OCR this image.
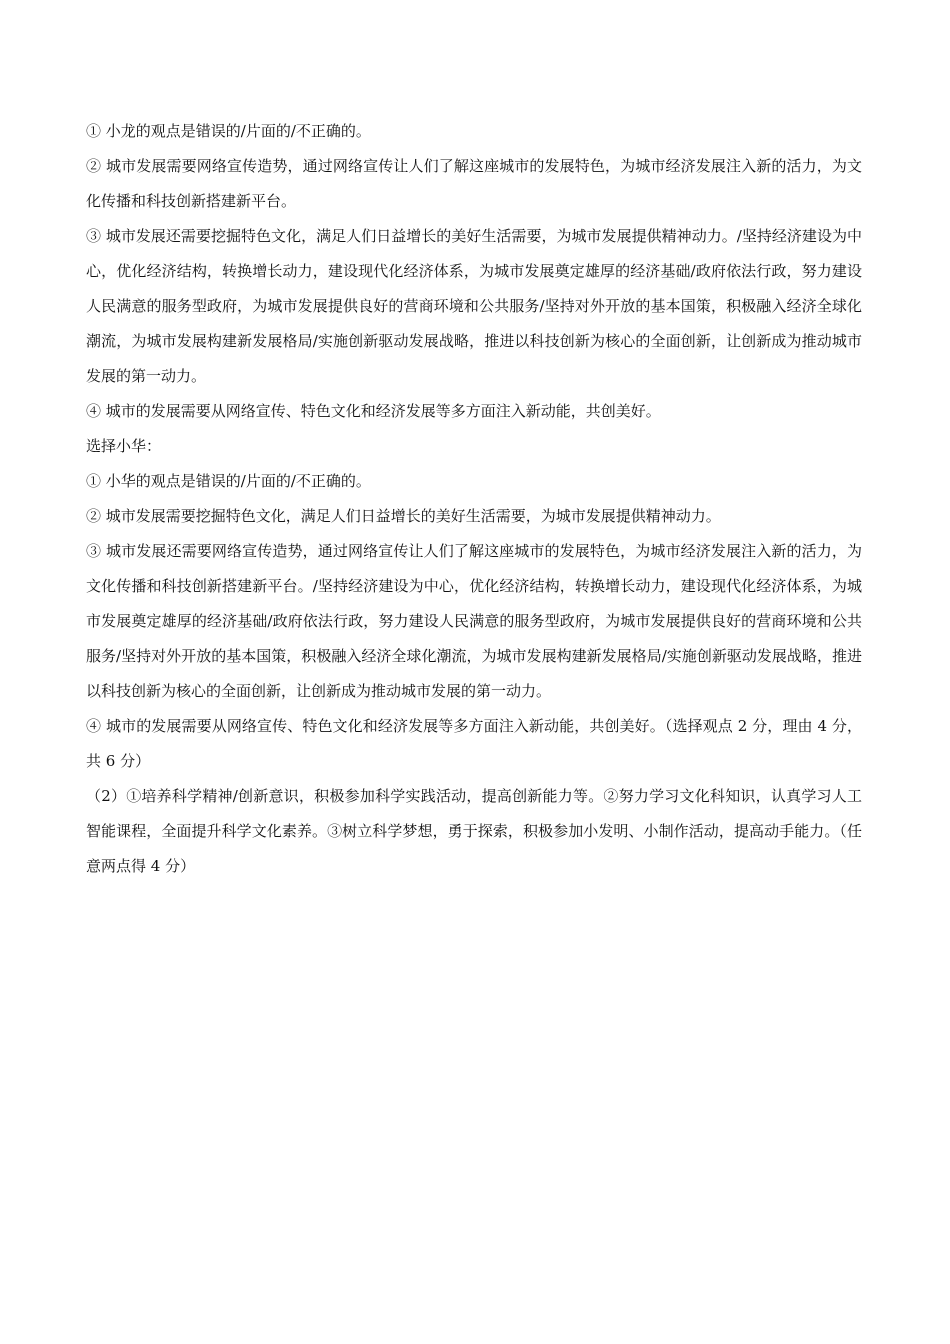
① 小龙的观点是错误的/片面的/不正确的。

② 城市发展需要网络宣传造势，通过网络宣传让人们了解这座城市的发展特色，为城市经济发展注入新的活力，为文化传播和科技创新搭建新平台。

③ 城市发展还需要挖掘特色文化，满足人们日益增长的美好生活需要，为城市发展提供精神动力。/坚持经济建设为中心，优化经济结构，转换增长动力，建设现代化经济体系，为城市发展奠定雄厚的经济基础/政府依法行政，努力建设人民满意的服务型政府，为城市发展提供良好的营商环境和公共服务/坚持对外开放的基本国策，积极融入经济全球化潮流，为城市发展构建新发展格局/实施创新驱动发展战略，推进以科技创新为核心的全面创新，让创新成为推动城市发展的第一动力。

④ 城市的发展需要从网络宣传、特色文化和经济发展等多方面注入新动能，共创美好。

选择小华：

① 小华的观点是错误的/片面的/不正确的。

② 城市发展需要挖掘特色文化，满足人们日益增长的美好生活需要，为城市发展提供精神动力。

③ 城市发展还需要网络宣传造势，通过网络宣传让人们了解这座城市的发展特色，为城市经济发展注入新的活力，为文化传播和科技创新搭建新平台。/坚持经济建设为中心，优化经济结构，转换增长动力，建设现代化经济体系，为城市发展奠定雄厚的经济基础/政府依法行政，努力建设人民满意的服务型政府，为城市发展提供良好的营商环境和公共服务/坚持对外开放的基本国策，积极融入经济全球化潮流，为城市发展构建新发展格局/实施创新驱动发展战略，推进以科技创新为核心的全面创新，让创新成为推动城市发展的第一动力。

④ 城市的发展需要从网络宣传、特色文化和经济发展等多方面注入新动能，共创美好。（选择观点 2 分，理由 4 分，共 6 分）

（2）①培养科学精神/创新意识，积极参加科学实践活动，提高创新能力等。②努力学习文化科知识，认真学习人工智能课程，全面提升科学文化素养。③树立科学梦想，勇于探索，积极参加小发明、小制作活动，提高动手能力。（任意两点得 4 分）
